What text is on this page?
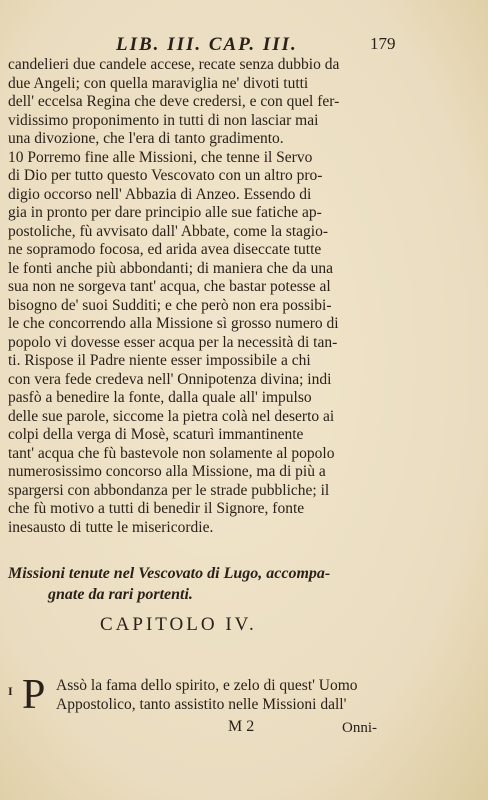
LIB. III. CAP. III.	179
candelieri due candele accese, recate senza dubbio da
due Angeli; con quella maraviglia ne' divoti tutti
dell' eccelsa Regina che deve credersi, e con quel fer-
vidissimo proponimento in tutti di non lasciar mai
una divozione, che l'era di tanto gradimento.
10 Porremo fine alle Missioni, che tenne il Servo
di Dio per tutto questo Vescovato con un altro pro-
digio occorso nell' Abbazia di Anzeo. Essendo di
gia in pronto per dare principio alle sue fatiche ap-
postoliche, fù avvisato dall' Abbate, come la stagio-
ne sopramodo focosa, ed arida avea diseccate tutte
le fonti anche più abbondanti; di maniera che da una
sua non ne sorgeva tant' acqua, che bastar potesse al
bisogno de' suoi Sudditi; e che però non era possibi-
le che concorrendo alla Missione sì grosso numero di
popolo vi dovesse esser acqua per la necessità di tan-
ti. Rispose il Padre niente esser impossibile a chi
con vera fede credeva nell' Onnipotenza divina; indi
pasfò a benedire la fonte, dalla quale all' impulso
delle sue parole, siccome la pietra colà nel deserto ai
colpi della verga di Mosè, scaturì immantinente
tant' acqua che fù bastevole non solamente al popolo
numerosissimo concorso alla Missione, ma di più a
spargersi con abbondanza per le strade pubbliche; il
che fù motivo a tutti di benedir il Signore, fonte
inesausto di tutte le misericordie.
Missioni tenute nel Vescovato di Lugo, accompa-
gnate da rari portenti.
CAPITOLO IV.
I P Assò la fama dello spirito, e zelo di quest' Uomo
Appostolico, tanto assistito nelle Missioni dall'
M 2	Onni-
